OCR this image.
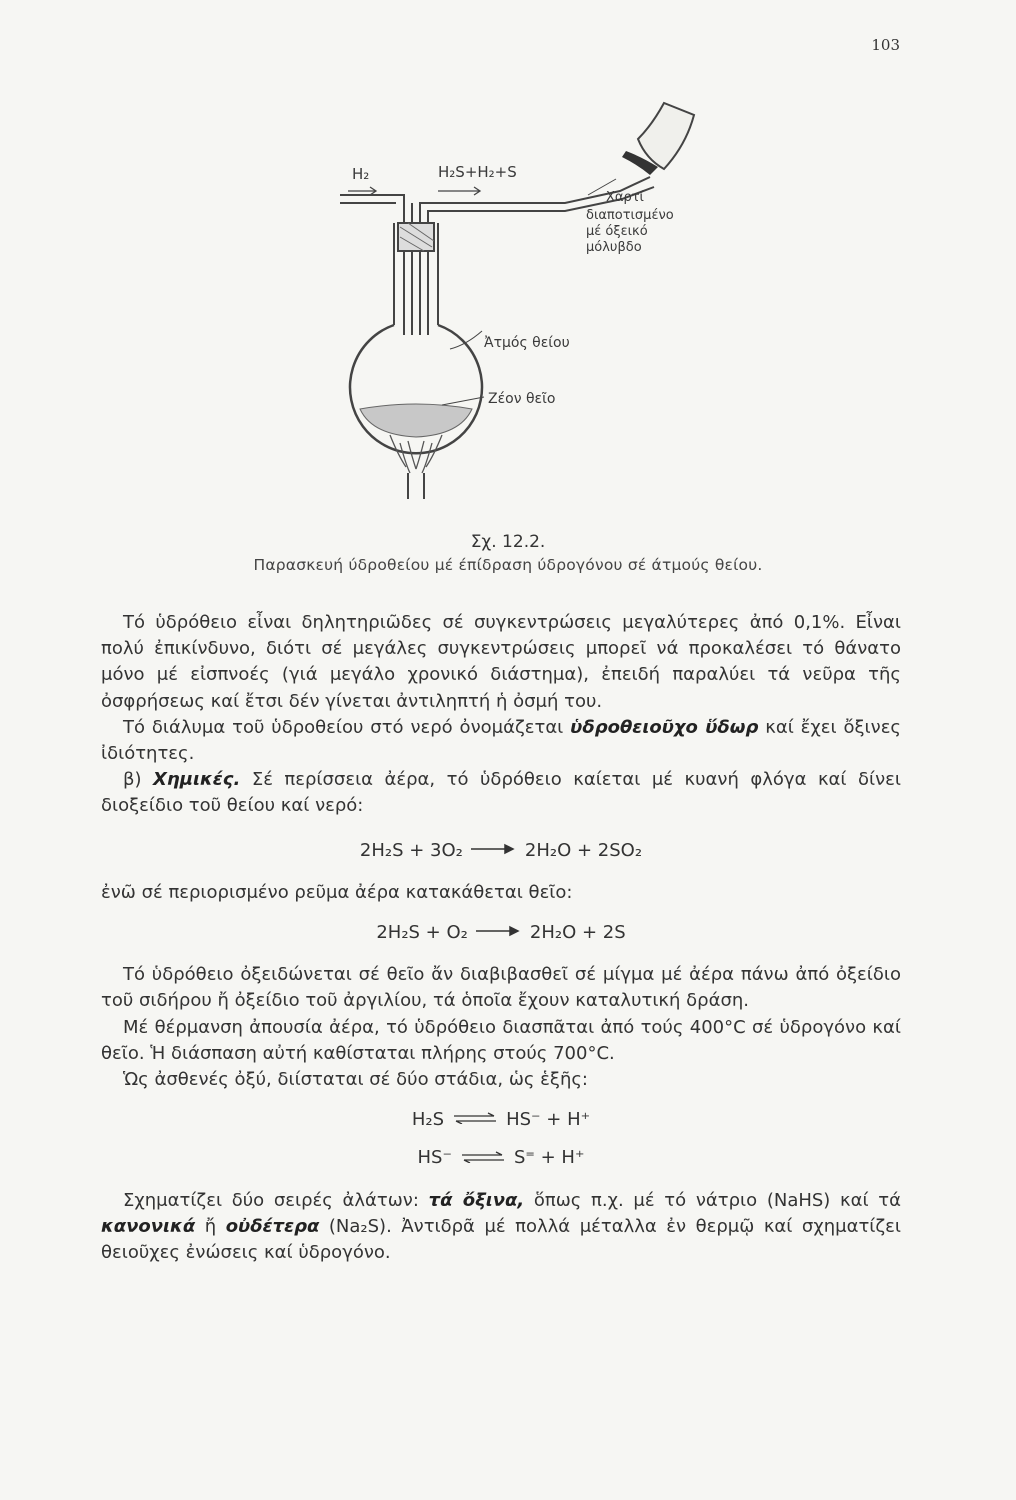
103
H₂	H₂S+H₂+S
Χαρτί
διαποτισμένο
μέ όξεικό
μόλυβδο
Ἀτμός θείου
Ζέον θεῖο
Σχ. 12.2.
Παρασκευή ύδροθείου μέ έπίδραση ύδρογόνου σέ άτμούς θείου.

Τό ὑδρόθειο εἶναι δηλητηριῶδες σέ συγκεντρώσεις μεγαλύτερες ἀπό 0,1%. Εἶναι πολύ ἐπικίνδυνο, διότι σέ μεγάλες συγκεντρώσεις μπορεῖ νά προκαλέσει τό θάνατο μόνο μέ εἰσπνοές (γιά μεγάλο χρονικό διάστημα), ἐπειδή παραλύει τά νεῦρα τῆς ὀσφρήσεως καί ἔτσι δέν γίνεται ἀντιληπτή ἡ ὀσμή του.

Τό διάλυμα τοῦ ὑδροθείου στό νερό ὀνομάζεται ὑδροθειοῦχο ὕδωρ καί ἔχει ὄξινες ἰδιότητες.

β) Χημικές. Σέ περίσσεια ἀέρα, τό ὑδρόθειο καίεται μέ κυανή φλόγα καί δίνει διοξείδιο τοῦ θείου καί νερό:

2H₂S + 3O₂ → 2H₂O + 2SO₂

ἐνῶ σέ περιορισμένο ρεῦμα ἀέρα κατακάθεται θεῖο:

2H₂S + O₂ → 2H₂O + 2S

Τό ὑδρόθειο ὀξειδώνεται σέ θεῖο ἄν διαβιβασθεῖ σέ μίγμα μέ ἀέρα πάνω ἀπό ὀξείδιο τοῦ σιδήρου ἤ ὀξείδιο τοῦ ἀργιλίου, τά ὁποῖα ἔχουν καταλυτική δράση.

Μέ θέρμανση ἀπουσία ἀέρα, τό ὑδρόθειο διασπᾶται ἀπό τούς 400°C σέ ὑδρογόνο καί θεῖο. Ἡ διάσπαση αὐτή καθίσταται πλήρης στούς 700°C.

Ὡς ἀσθενές ὀξύ, διίσταται σέ δύο στάδια, ὡς ἑξῆς:

H₂S ⇌ HS⁻ + H⁺
HS⁻ ⇌ S⁼ + H⁺

Σχηματίζει δύο σειρές ἀλάτων: τά ὄξινα, ὅπως π.χ. μέ τό νάτριο (NaHS) καί τά κανονικά ἤ οὐδέτερα (Na₂S). Ἀντιδρᾶ μέ πολλά μέταλλα ἐν θερμῷ καί σχηματίζει θειοῦχες ἐνώσεις καί ὑδρογόνο.
